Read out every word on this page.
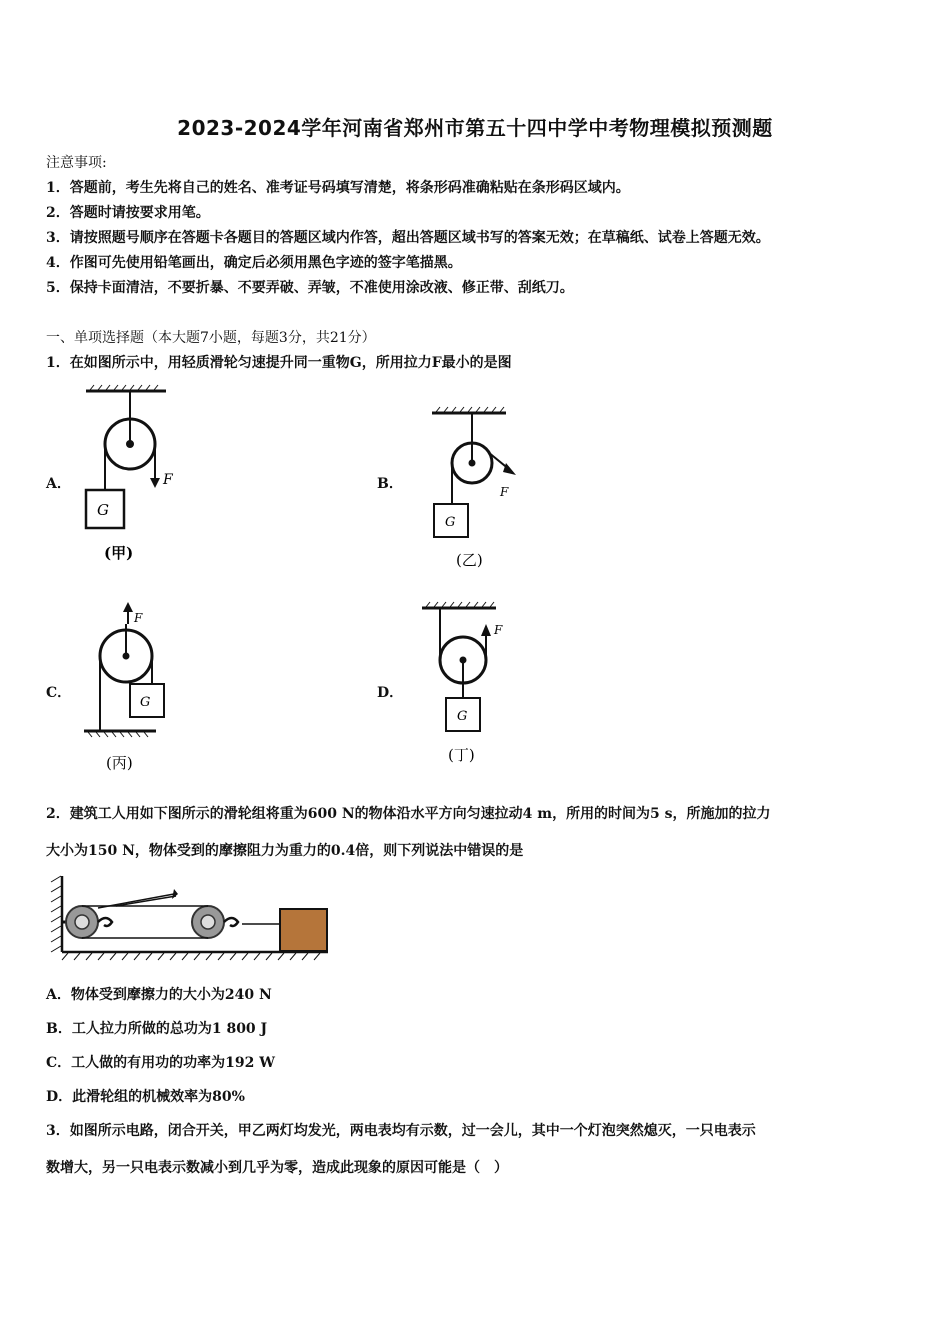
2023-2024学年河南省郑州市第五十四中学中考物理模拟预测题
注意事项:
1．答题前，考生先将自己的姓名、准考证号码填写清楚，将条形码准确粘贴在条形码区域内。
2．答题时请按要求用笔。
3．请按照题号顺序在答题卡各题目的答题区域内作答，超出答题区域书写的答案无效；在草稿纸、试卷上答题无效。
4．作图可先使用铅笔画出，确定后必须用黑色字迹的签字笔描黑。
5．保持卡面清洁，不要折暴、不要弄破、弄皱，不准使用涂改液、修正带、刮纸刀。
一、单项选择题（本大题7小题，每题3分，共21分）
1．在如图所示中，用轻质滑轮匀速提升同一重物G，所用拉力F最小的是图
A．	F
G
(甲)
B．	F
G
(乙)
C．
F
G
(丙)
D．
F
G
(丁)
2．建筑工人用如下图所示的滑轮组将重为600 N的物体沿水平方向匀速拉动4 m，所用的时间为5 s，所施加的拉力
大小为150 N，物体受到的摩擦阻力为重力的0.4倍，则下列说法中错误的是
A．物体受到摩擦力的大小为240 N
B．工人拉力所做的总功为1 800 J
C．工人做的有用功的功率为192 W
D．此滑轮组的机械效率为80%
3．如图所示电路，闭合开关，甲乙两灯均发光，两电表均有示数，过一会儿，其中一个灯泡突然熄灭，一只电表示
数增大，另一只电表示数减小到几乎为零，造成此现象的原因可能是（　）
